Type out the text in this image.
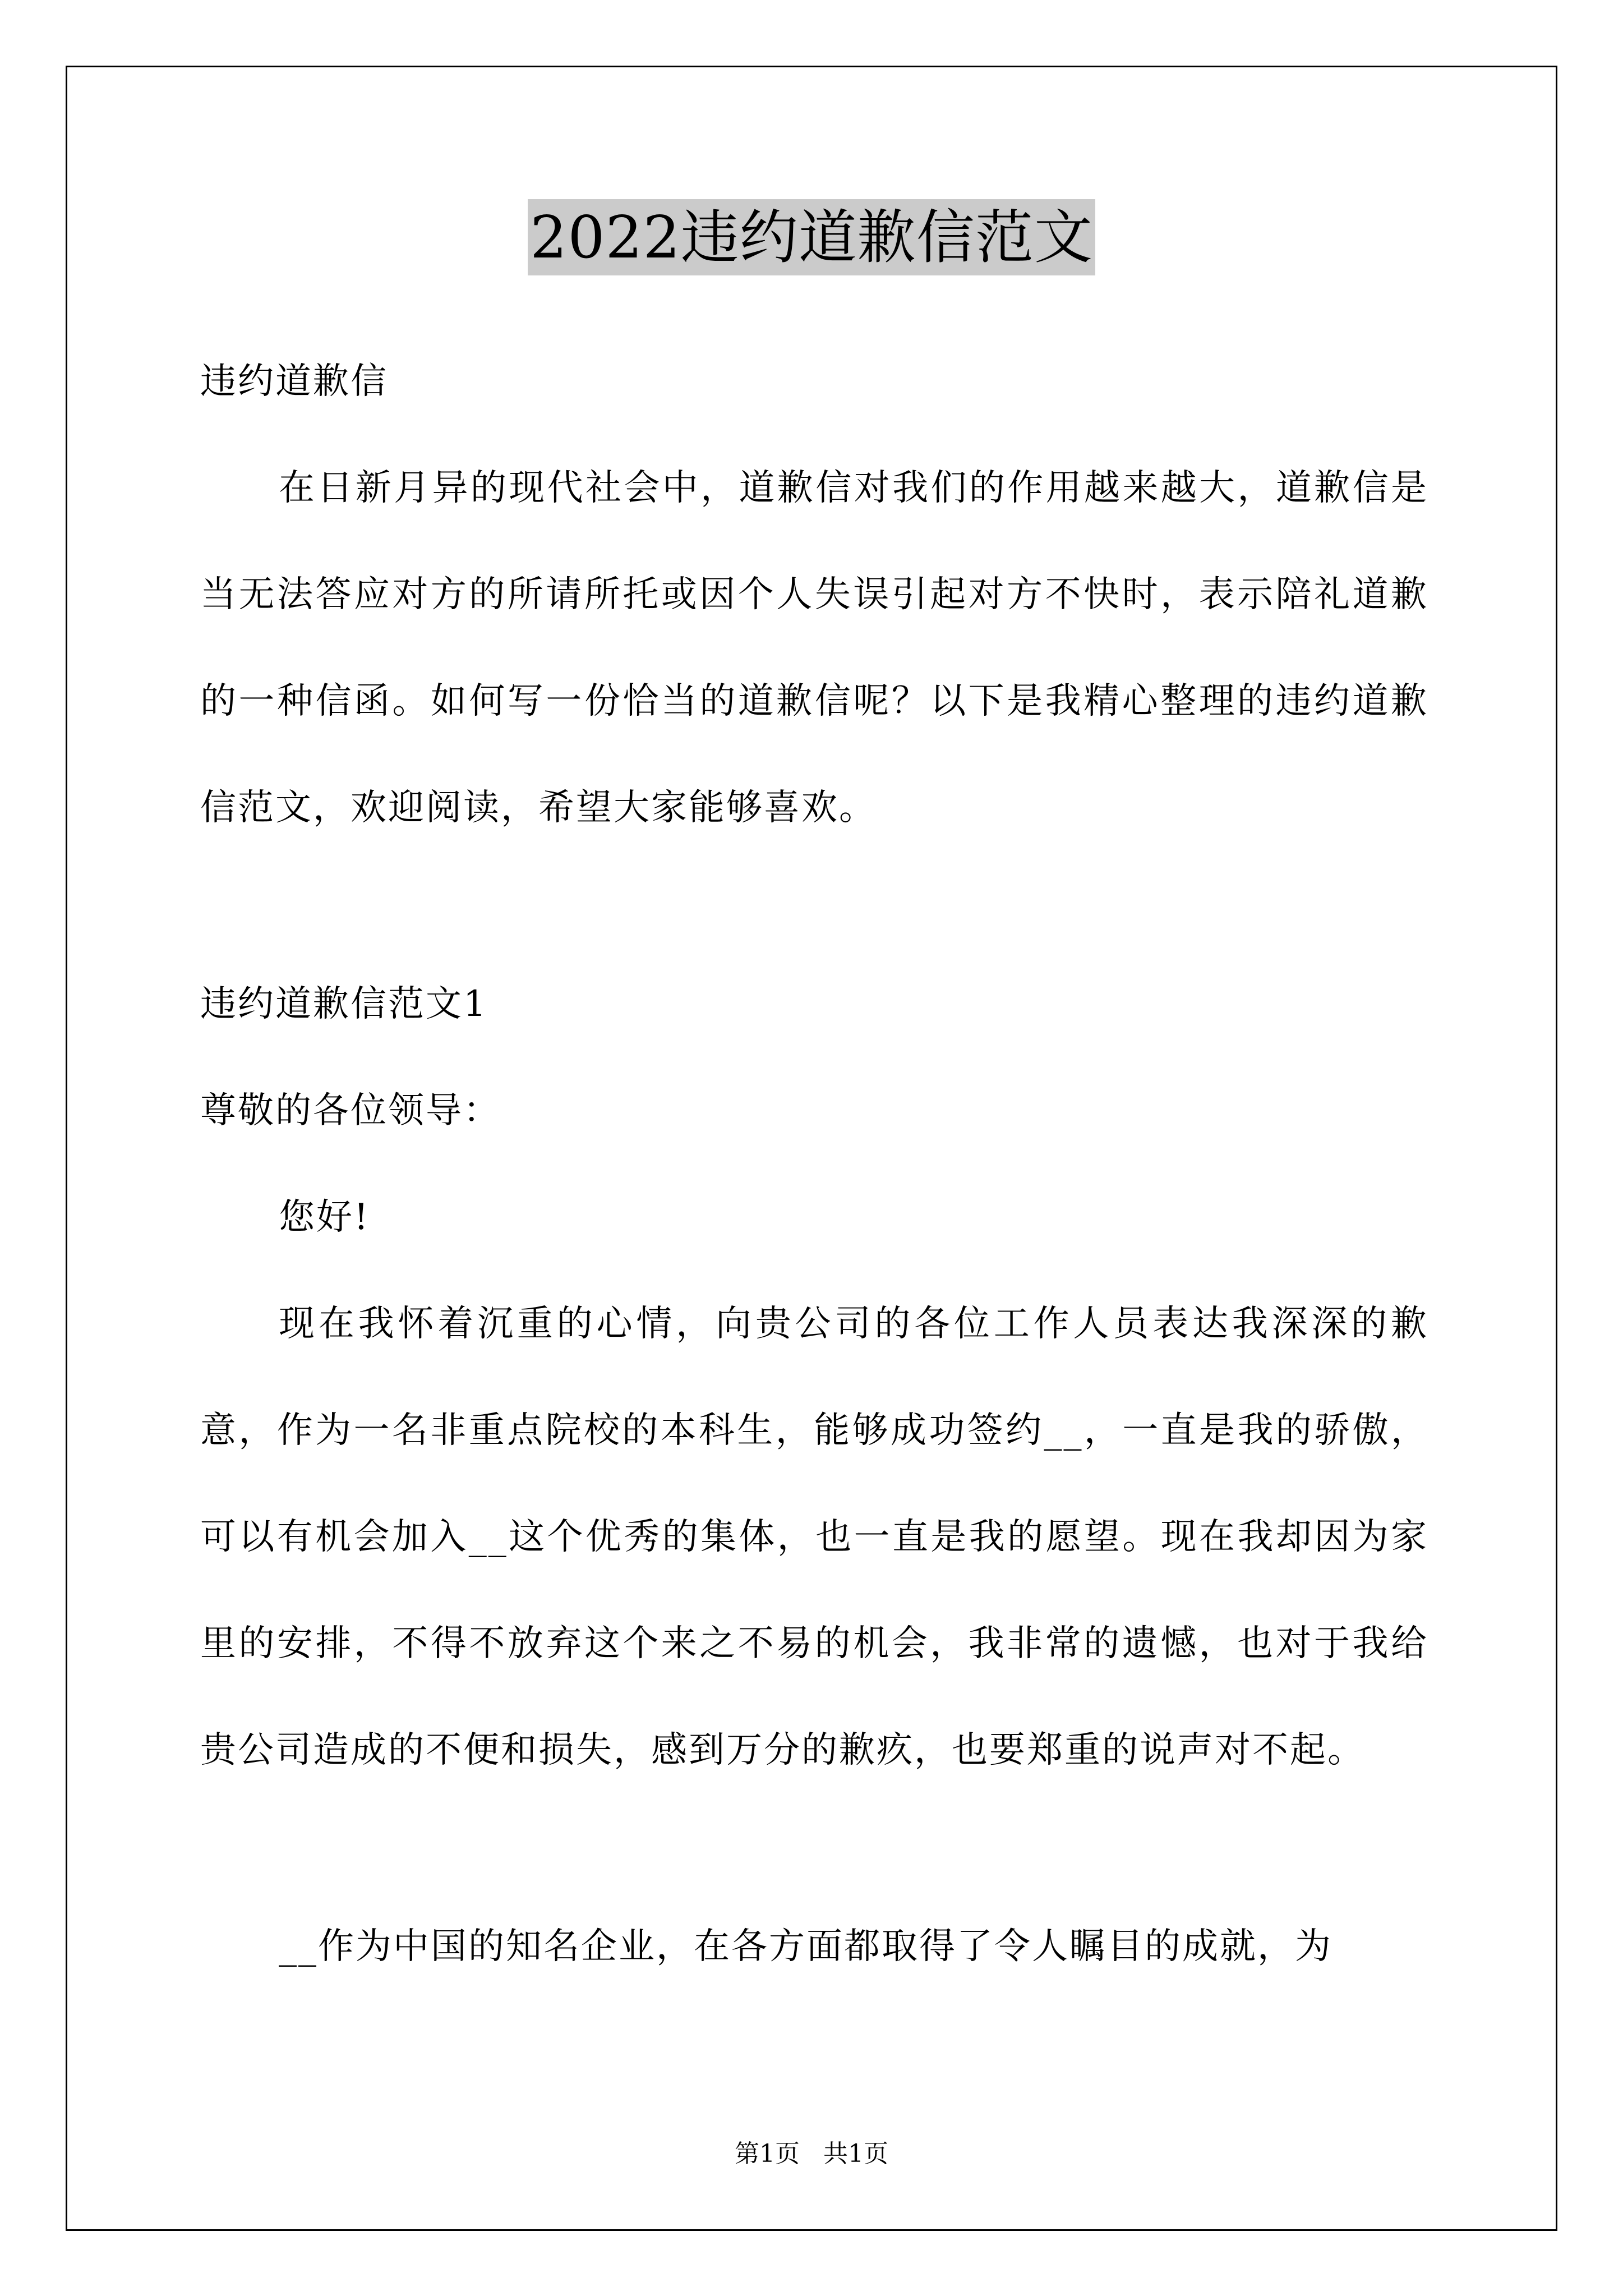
2022违约道歉信范文

违约道歉信

在日新月异的现代社会中，道歉信对我们的作用越来越大，道歉信是当无法答应对方的所请所托或因个人失误引起对方不快时，表示陪礼道歉的一种信函。如何写一份恰当的道歉信呢？以下是我精心整理的违约道歉信范文，欢迎阅读，希望大家能够喜欢。

违约道歉信范文1

尊敬的各位领导：

您好!

现在我怀着沉重的心情，向贵公司的各位工作人员表达我深深的歉意，作为一名非重点院校的本科生，能够成功签约__，一直是我的骄傲，可以有机会加入__这个优秀的集体，也一直是我的愿望。现在我却因为家里的安排，不得不放弃这个来之不易的机会，我非常的遗憾，也对于我给贵公司造成的不便和损失，感到万分的歉疚，也要郑重的说声对不起。

__作为中国的知名企业，在各方面都取得了令人瞩目的成就，为

第1页 共1页
